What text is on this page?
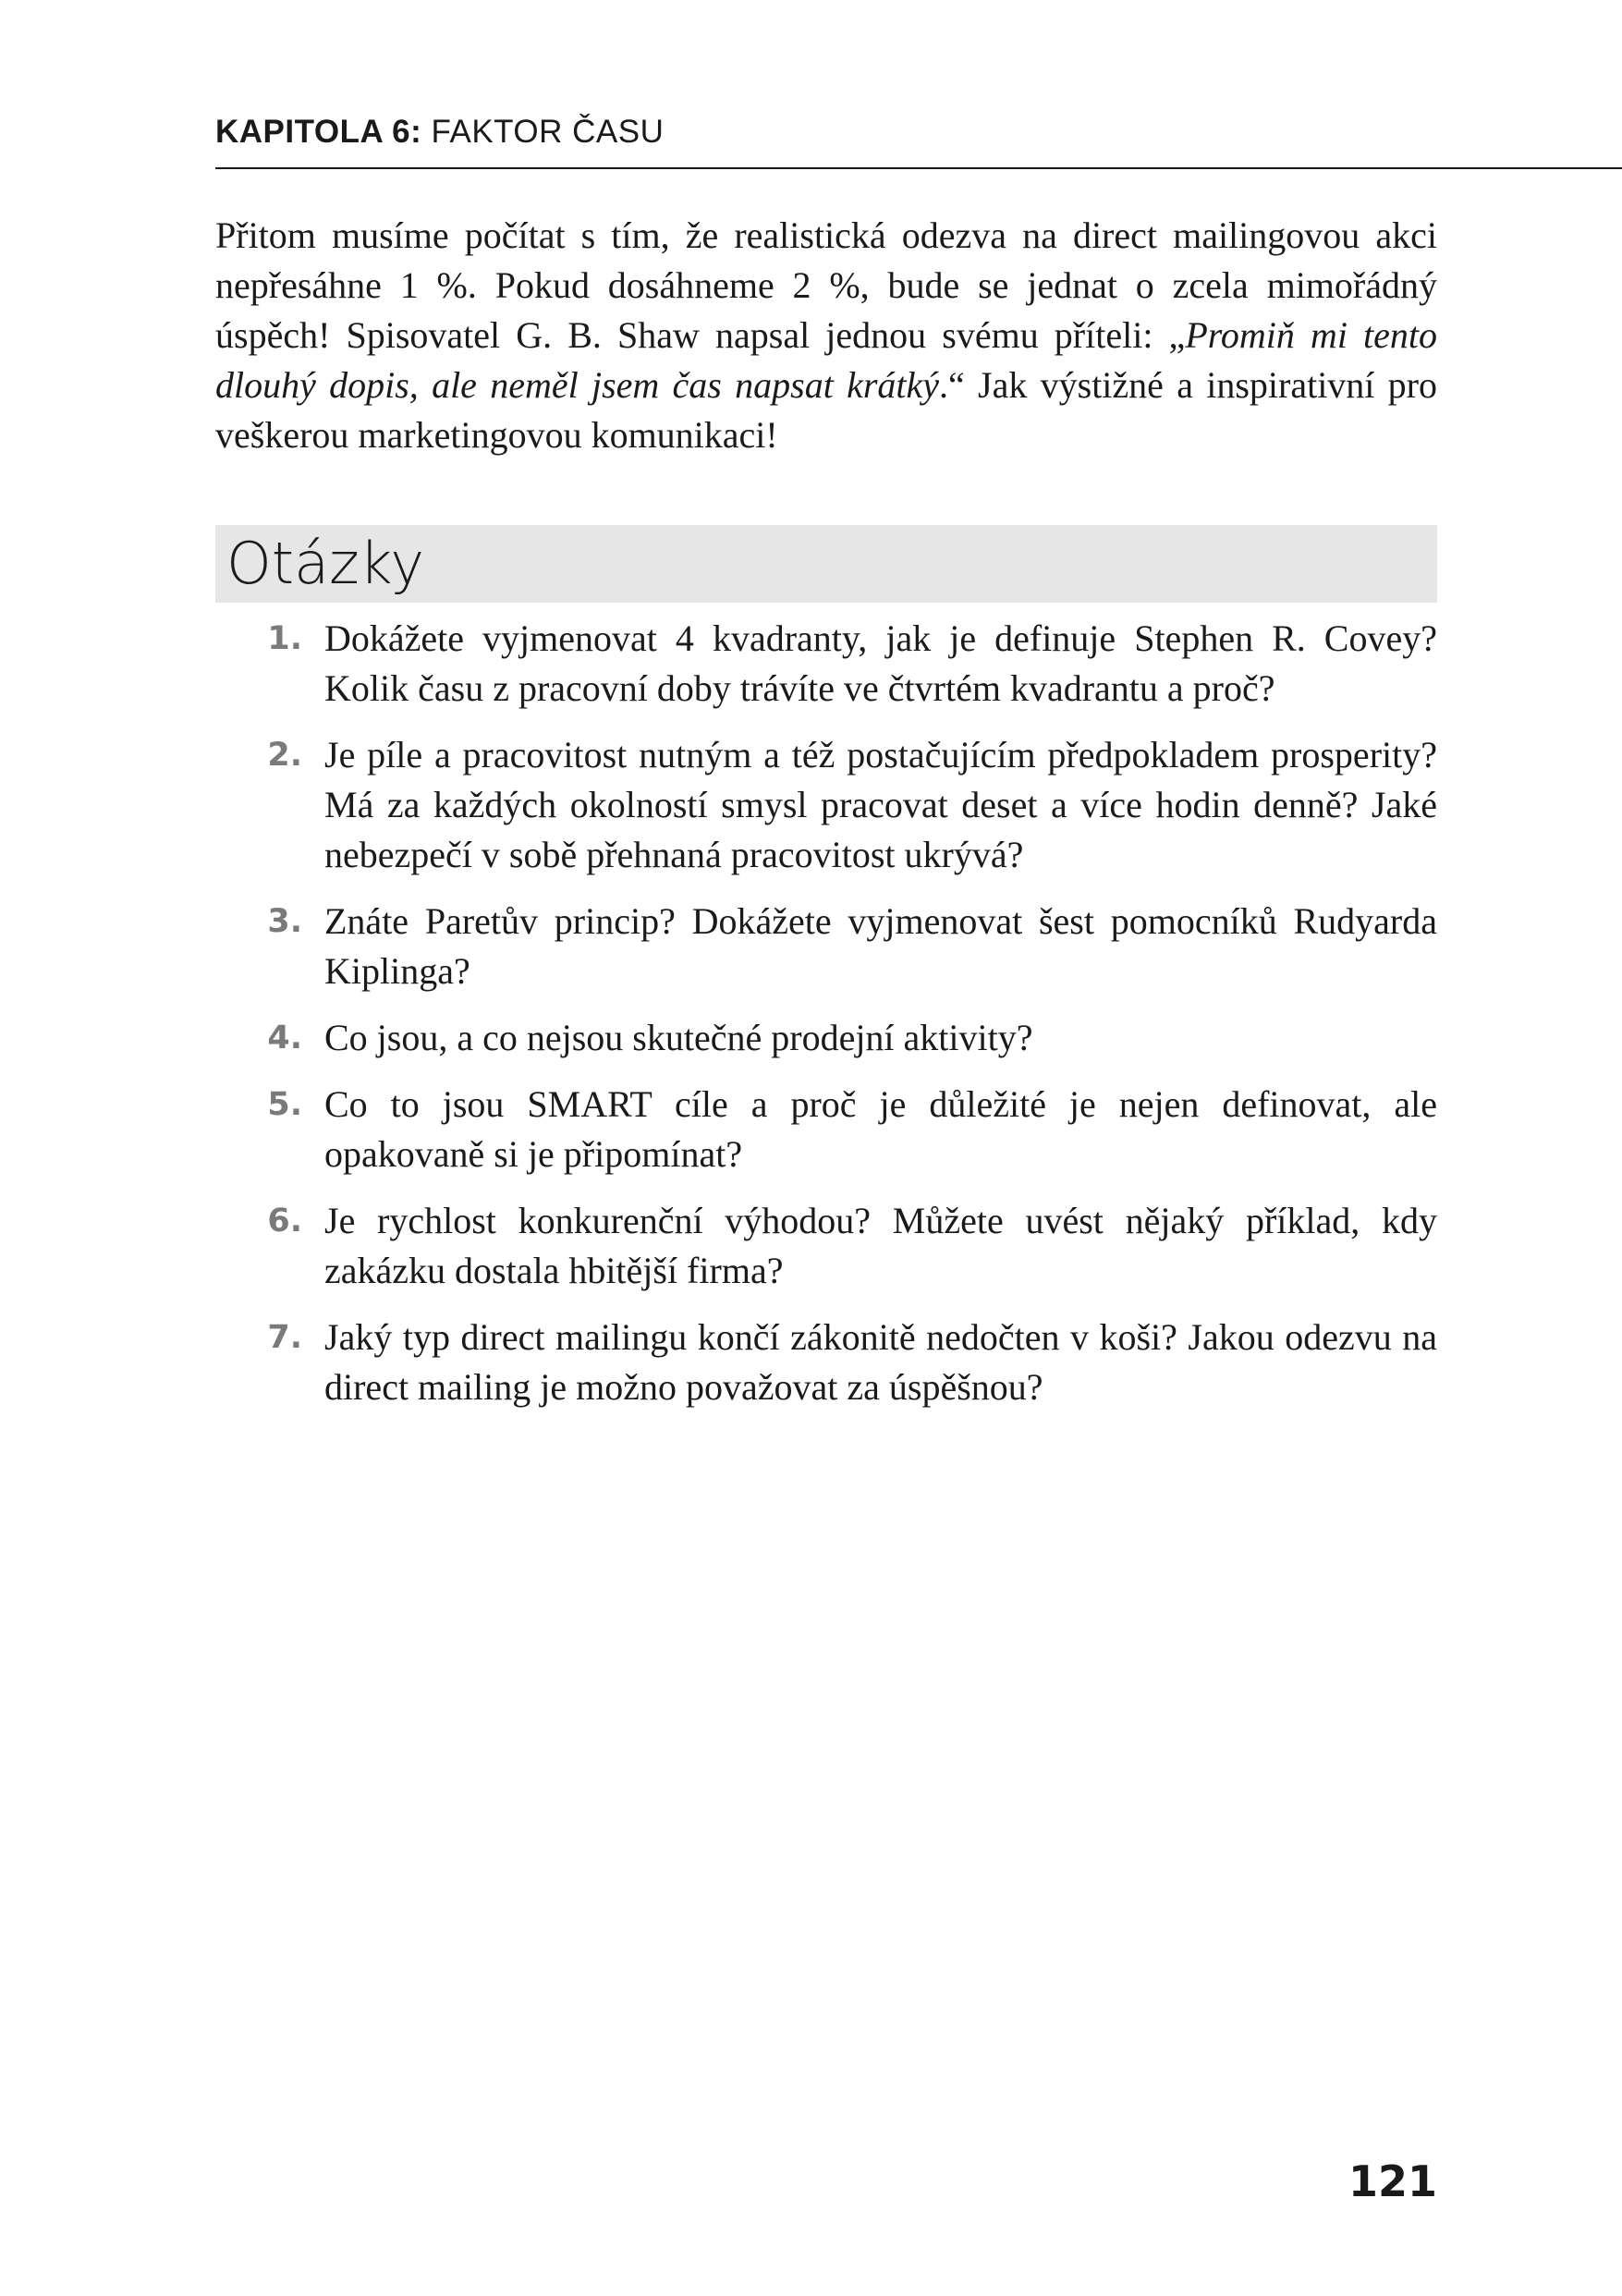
KAPITOLA 6: FAKTOR ČASU

Přitom musíme počítat s tím, že realistická odezva na direct mailingovou akci nepřesáhne 1 %. Pokud dosáhneme 2 %, bude se jednat o zcela mimořádný úspěch! Spisovatel G. B. Shaw napsal jednou svému příteli: „Promiň mi tento dlouhý dopis, ale neměl jsem čas napsat krátký.“ Jak výstižné a inspirativní pro veškerou marketingovou komunikaci!

Otázky
1. Dokážete vyjmenovat 4 kvadranty, jak je definuje Stephen R. Covey? Kolik času z pracovní doby trávíte ve čtvrtém kvadrantu a proč?
2. Je píle a pracovitost nutným a též postačujícím předpokladem prosperity? Má za každých okolností smysl pracovat deset a více hodin denně? Jaké nebezpečí v sobě přehnaná pracovitost ukrývá?
3. Znáte Paretův princip? Dokážete vyjmenovat šest pomocníků Rudyarda Kiplinga?
4. Co jsou, a co nejsou skutečné prodejní aktivity?
5. Co to jsou SMART cíle a proč je důležité je nejen definovat, ale opakovaně si je připomínat?
6. Je rychlost konkurenční výhodou? Můžete uvést nějaký příklad, kdy zakázku dostala hbitější firma?
7. Jaký typ direct mailingu končí zákonitě nedočten v koši? Jakou odezvu na direct mailing je možno považovat za úspěšnou?
121
